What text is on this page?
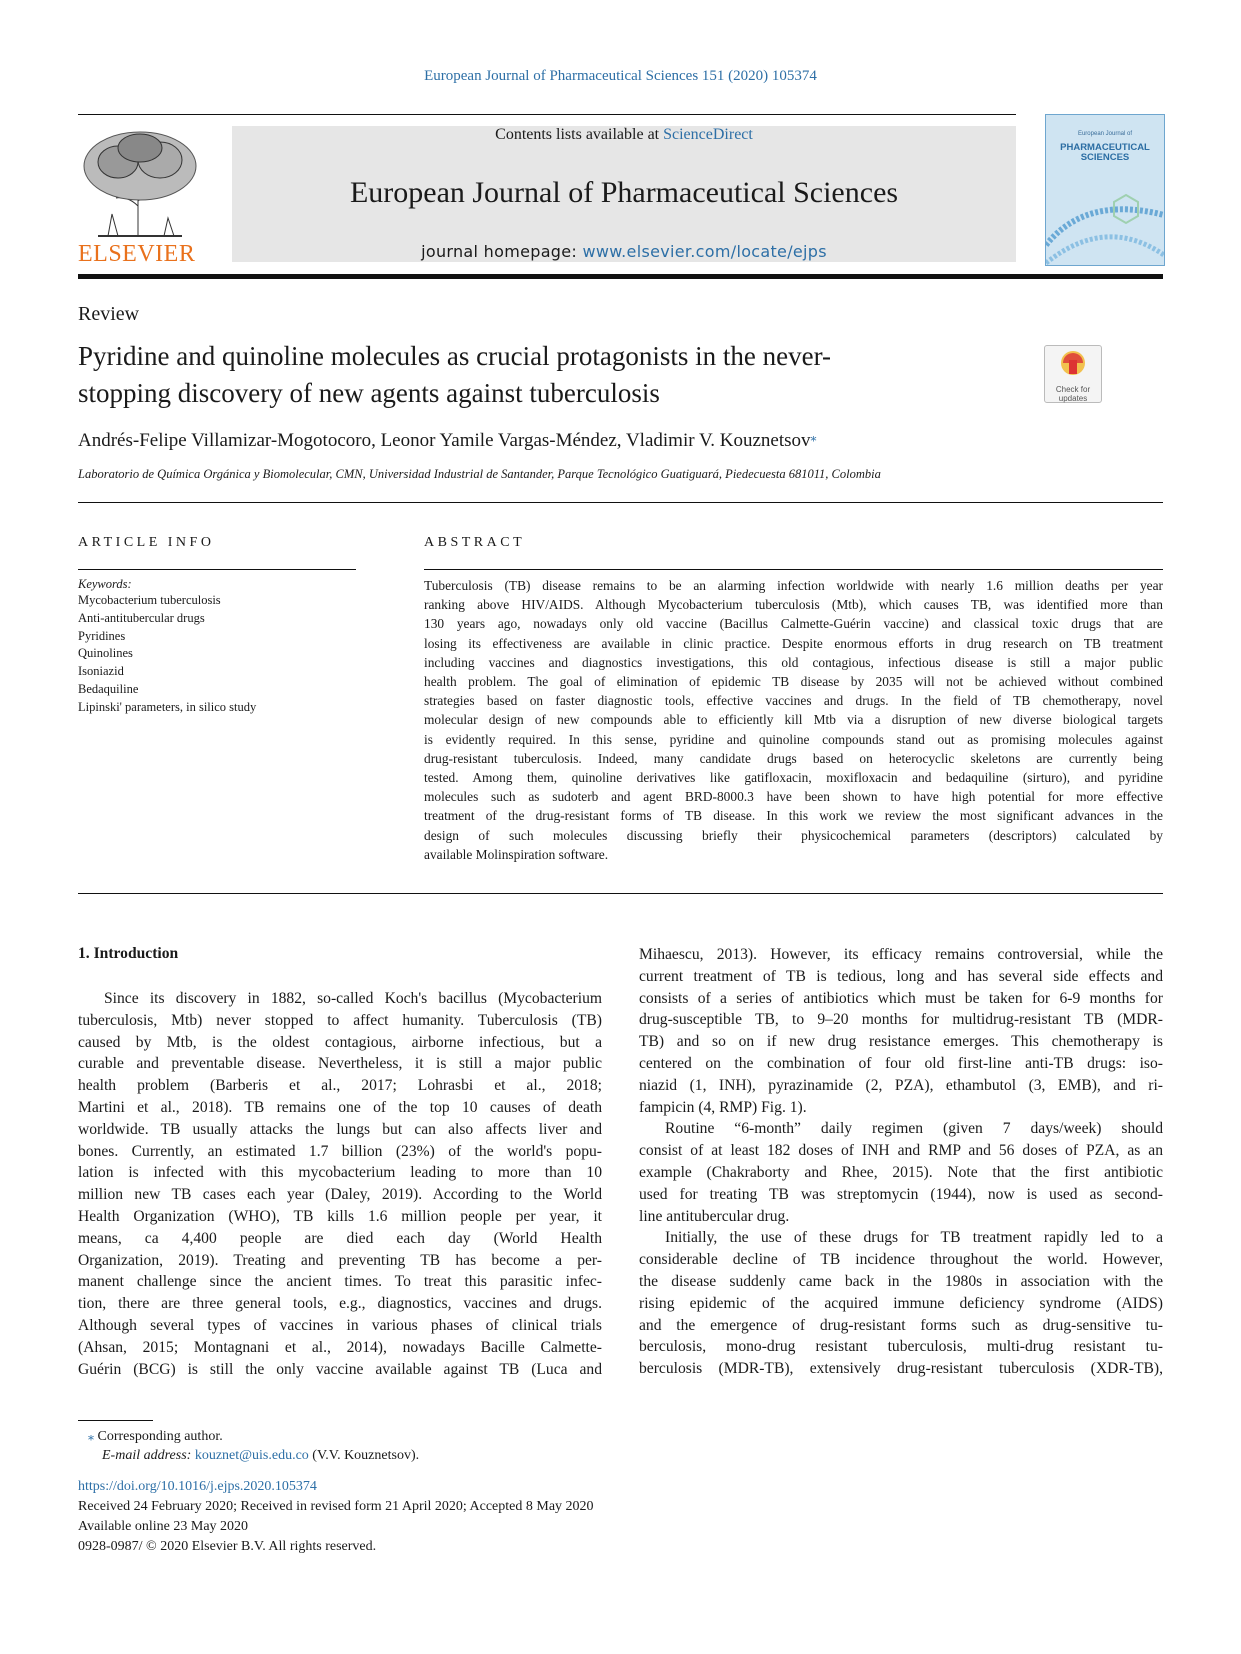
European Journal of Pharmaceutical Sciences 151 (2020) 105374
ELSEVIER
Contents lists available at ScienceDirect
European Journal of Pharmaceutical Sciences
journal homepage: www.elsevier.com/locate/ejps
European Journal of
PHARMACEUTICAL
SCIENCES
Review
Pyridine and quinoline molecules as crucial protagonists in the never-
stopping discovery of new agents against tuberculosis	Check for
updates
Andrés-Felipe Villamizar-Mogotocoro, Leonor Yamile Vargas-Méndez, Vladimir V. Kouznetsov⁎
Laboratorio de Química Orgánica y Biomolecular, CMN, Universidad Industrial de Santander, Parque Tecnológico Guatiguará, Piedecuesta 681011, Colombia
ARTICLE INFO
Keywords:
Mycobacterium tuberculosis
Anti-antitubercular drugs
Pyridines
Quinolines
Isoniazid
Bedaquiline
Lipinski' parameters, in silico study
ABSTRACT
Tuberculosis (TB) disease remains to be an alarming infection worldwide with nearly 1.6 million deaths per year
ranking above HIV/AIDS. Although Mycobacterium tuberculosis (Mtb), which causes TB, was identified more than
130 years ago, nowadays only old vaccine (Bacillus Calmette-Guérin vaccine) and classical toxic drugs that are
losing its effectiveness are available in clinic practice. Despite enormous efforts in drug research on TB treatment
including vaccines and diagnostics investigations, this old contagious, infectious disease is still a major public
health problem. The goal of elimination of epidemic TB disease by 2035 will not be achieved without combined
strategies based on faster diagnostic tools, effective vaccines and drugs. In the field of TB chemotherapy, novel
molecular design of new compounds able to efficiently kill Mtb via a disruption of new diverse biological targets
is evidently required. In this sense, pyridine and quinoline compounds stand out as promising molecules against
drug-resistant tuberculosis. Indeed, many candidate drugs based on heterocyclic skeletons are currently being
tested. Among them, quinoline derivatives like gatifloxacin, moxifloxacin and bedaquiline (sirturo), and pyridine
molecules such as sudoterb and agent BRD-8000.3 have been shown to have high potential for more effective
treatment of the drug-resistant forms of TB disease. In this work we review the most significant advances in the
design of such molecules discussing briefly their physicochemical parameters (descriptors) calculated by
available Molinspiration software.
1. Introduction
Since its discovery in 1882, so-called Koch's bacillus (Mycobacterium
tuberculosis, Mtb) never stopped to affect humanity. Tuberculosis (TB)
caused by Mtb, is the oldest contagious, airborne infectious, but a
curable and preventable disease. Nevertheless, it is still a major public
health problem (Barberis et al., 2017; Lohrasbi et al., 2018;
Martini et al., 2018). TB remains one of the top 10 causes of death
worldwide. TB usually attacks the lungs but can also affects liver and
bones. Currently, an estimated 1.7 billion (23%) of the world's popu-
lation is infected with this mycobacterium leading to more than 10
million new TB cases each year (Daley, 2019). According to the World
Health Organization (WHO), TB kills 1.6 million people per year, it
means, ca 4,400 people are died each day (World Health
Organization, 2019). Treating and preventing TB has become a per-
manent challenge since the ancient times. To treat this parasitic infec-
tion, there are three general tools, e.g., diagnostics, vaccines and drugs.
Although several types of vaccines in various phases of clinical trials
(Ahsan, 2015; Montagnani et al., 2014), nowadays Bacille Calmette-
Guérin (BCG) is still the only vaccine available against TB (Luca and
Mihaescu, 2013). However, its efficacy remains controversial, while the
current treatment of TB is tedious, long and has several side effects and
consists of a series of antibiotics which must be taken for 6-9 months for
drug-susceptible TB, to 9–20 months for multidrug-resistant TB (MDR-
TB) and so on if new drug resistance emerges. This chemotherapy is
centered on the combination of four old first-line anti-TB drugs: iso-
niazid (1, INH), pyrazinamide (2, PZA), ethambutol (3, EMB), and ri-
fampicin (4, RMP) Fig. 1).
Routine “6-month” daily regimen (given 7 days/week) should
consist of at least 182 doses of INH and RMP and 56 doses of PZA, as an
example (Chakraborty and Rhee, 2015). Note that the first antibiotic
used for treating TB was streptomycin (1944), now is used as second-
line antitubercular drug.
Initially, the use of these drugs for TB treatment rapidly led to a
considerable decline of TB incidence throughout the world. However,
the disease suddenly came back in the 1980s in association with the
rising epidemic of the acquired immune deficiency syndrome (AIDS)
and the emergence of drug-resistant forms such as drug-sensitive tu-
berculosis, mono-drug resistant tuberculosis, multi-drug resistant tu-
berculosis (MDR-TB), extensively drug-resistant tuberculosis (XDR-TB),
⁎ Corresponding author.
E-mail address: kouznet@uis.edu.co (V.V. Kouznetsov).
https://doi.org/10.1016/j.ejps.2020.105374
Received 24 February 2020; Received in revised form 21 April 2020; Accepted 8 May 2020
Available online 23 May 2020
0928-0987/ © 2020 Elsevier B.V. All rights reserved.
